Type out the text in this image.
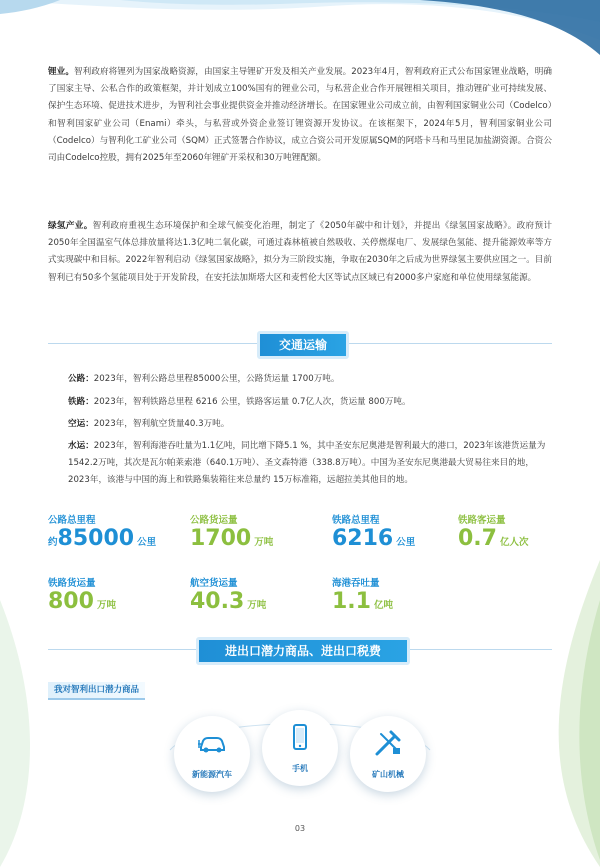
锂业。智利政府将锂列为国家战略资源，由国家主导锂矿开发及相关产业发展。2023年4月，智利政府正式公布国家锂业战略，明确了国家主导、公私合作的政策框架，并计划成立100%国有的锂业公司，与私营企业合作开展锂相关项目，推动锂矿业可持续发展、保护生态环境、促进技术进步，为智利社会事业提供资金并推动经济增长。在国家锂业公司成立前，由智利国家铜业公司（Codelco）和智利国家矿业公司（Enami）牵头，与私营或外资企业签订锂资源开发协议。在该框架下，2024年5月，智利国家铜业公司（Codelco）与智利化工矿业公司（SQM）正式签署合作协议，成立合资公司开发原属SQM的阿塔卡马和马里昆加盐湖资源。合资公司由Codelco控股，拥有2025年至2060年锂矿开采权和30万吨锂配额。

绿氢产业。智利政府重视生态环境保护和全球气候变化治理，制定了《2050年碳中和计划》，并提出《绿氢国家战略》。政府预计2050年全国温室气体总排放量将达1.3亿吨二氧化碳，可通过森林植被自然吸收、关停燃煤电厂、发展绿色氢能、提升能源效率等方式实现碳中和目标。2022年智利启动《绿氢国家战略》，拟分为三阶段实施，争取在2030年之后成为世界绿氢主要供应国之一。目前智利已有50多个氢能项目处于开发阶段，在安托法加斯塔大区和麦哲伦大区等试点区域已有2000多户家庭和单位使用绿氢能源。

交通运输

公路：2023年，智利公路总里程85000公里，公路货运量 1700万吨。

铁路：2023年，智利铁路总里程 6216 公里，铁路客运量 0.7亿人次，货运量 800万吨。

空运：2023年，智利航空货量40.3万吨。

水运：2023年，智利海港吞吐量为1.1亿吨，同比增下降5.1 %，其中圣安东尼奥港是智利最大的港口，2023年该港货运量为1542.2万吨，其次是瓦尔帕莱索港（640.1万吨）、圣文森特港（338.8万吨）。中国为圣安东尼奥港最大贸易往来目的地，2023年，该港与中国的海上和铁路集装箱往来总量约 15万标准箱，远超拉美其他目的地。

公路总里程
约85000 公里
公路货运量
1700 万吨
铁路总里程
6216 公里
铁路客运量
0.7 亿人次
铁路货运量
800 万吨
航空货运量
40.3 万吨
海港吞吐量
1.1 亿吨
进出口潜力商品、进出口税费
我对智利出口潜力商品
新能源汽车
手机
矿山机械
03
